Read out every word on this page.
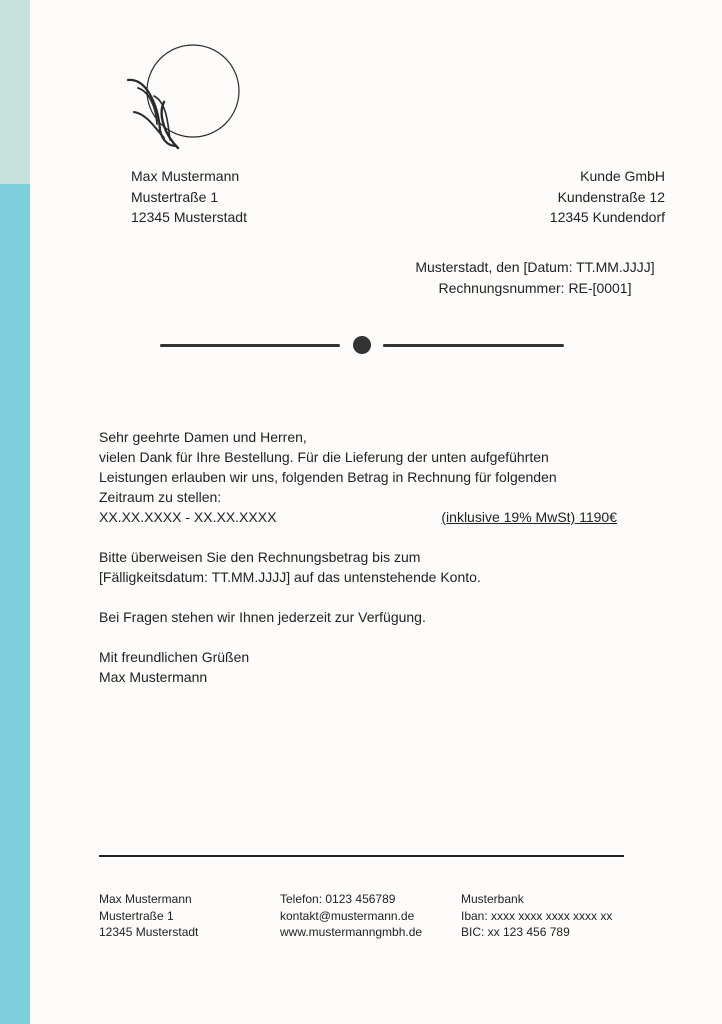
Max Mustermann
Mustertraße 1
12345 Musterstadt
Kunde GmbH
Kundenstraße 12
12345 Kundendorf
Musterstadt, den [Datum: TT.MM.JJJJ]
Rechnungsnummer: RE-[0001]

Sehr geehrte Damen und Herren,

vielen Dank für Ihre Bestellung. Für die Lieferung der unten aufgeführten

Leistungen erlauben wir uns, folgenden Betrag in Rechnung für folgenden

Zeitraum zu stellen:

XX.XX.XXXX - XX.XX.XXXX	(inklusive 19% MwSt) 1190€

Bitte überweisen Sie den Rechnungsbetrag bis zum

[Fälligkeitsdatum: TT.MM.JJJJ] auf das untenstehende Konto.

Bei Fragen stehen wir Ihnen jederzeit zur Verfügung.

Mit freundlichen Grüßen

Max Mustermann

Max Mustermann
Mustertraße 1
12345 Musterstadt
Telefon: 0123 456789
kontakt@mustermann.de
www.mustermanngmbh.de
Musterbank
Iban: xxxx xxxx xxxx xxxx xx
BIC: xx 123 456 789
